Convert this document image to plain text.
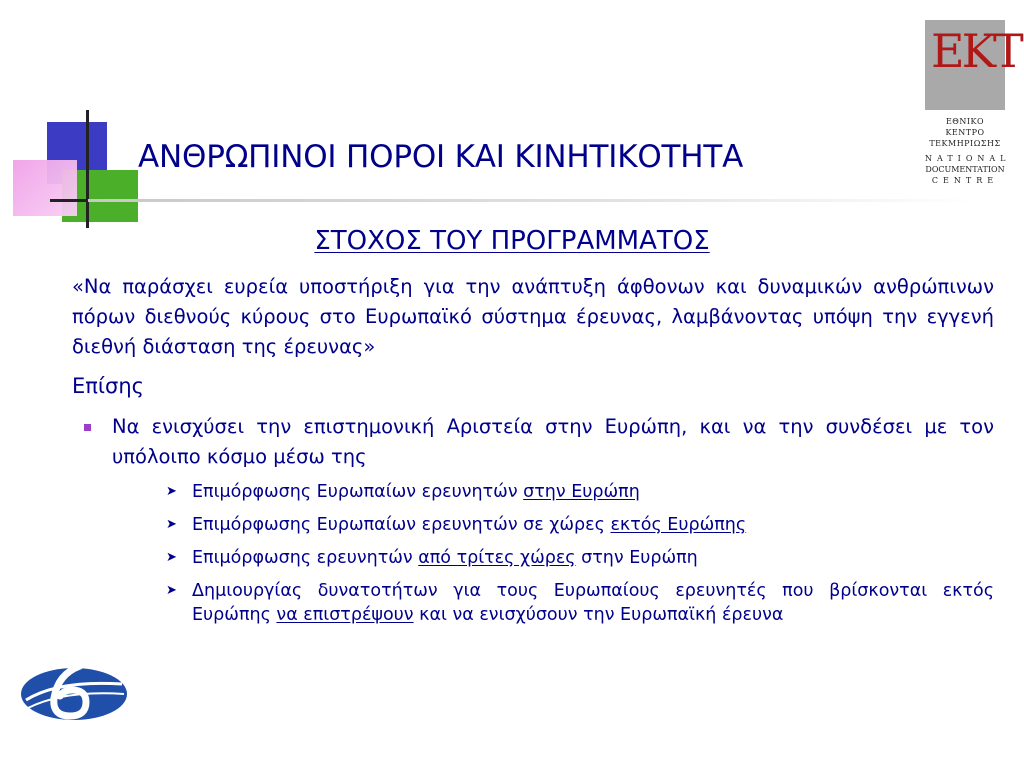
ΑΝΘΡΩΠΙΝΟΙ ΠΟΡΟΙ ΚΑΙ ΚΙΝΗΤΙΚΟΤΗΤΑ
ΕΚΤ
ΕΘΝΙΚΟ ΚΕΝΤΡΟ
ΤΕΚΜΗΡΙΩΣΗΣ
NATIONAL
DOCUMENTATION
CENTRE
ΣΤΟΧΟΣ ΤΟΥ ΠΡΟΓΡΑΜΜΑΤΟΣ
«Να παράσχει ευρεία υποστήριξη για την ανάπτυξη άφθονων και δυναμικών ανθρώπινων πόρων διεθνούς κύρους στο Ευρωπαϊκό σύστημα έρευνας, λαμβάνοντας υπόψη την εγγενή διεθνή διάσταση της έρευνας»
Επίσης
Να ενισχύσει την επιστημονική Αριστεία στην Ευρώπη, και να την συνδέσει με τον υπόλοιπο κόσμο μέσω της
➤ Επιμόρφωσης Ευρωπαίων ερευνητών στην Ευρώπη
➤ Επιμόρφωσης Ευρωπαίων ερευνητών σε χώρες εκτός Ευρώπης
➤ Επιμόρφωσης ερευνητών από τρίτες χώρες στην Ευρώπη
➤ Δημιουργίας δυνατοτήτων για τους Ευρωπαίους ερευνητές που βρίσκονται εκτός Ευρώπης να επιστρέψουν και να ενισχύσουν την Ευρωπαϊκή έρευνα
